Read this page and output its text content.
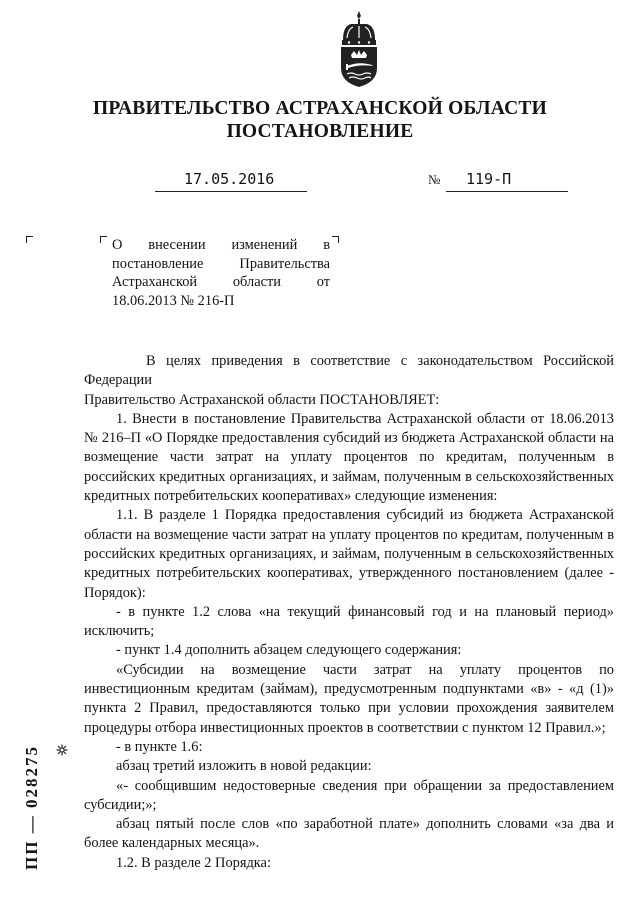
ПРАВИТЕЛЬСТВО АСТРАХАНСКОЙ ОБЛАСТИ
ПОСТАНОВЛЕНИЕ
17.05.2016	№ 119-П
О внесении изменений в постановление Правительства Астраханской области от 18.06.2013 № 216-П

В целях приведения в соответствие с законодательством Российской Федерации

Правительство Астраханской области ПОСТАНОВЛЯЕТ:

1. Внести в постановление Правительства Астраханской области от 18.06.2013 № 216–П «О Порядке предоставления субсидий из бюджета Астраханской области на возмещение части затрат на уплату процентов по кредитам, полученным в российских кредитных организациях, и займам, полученным в сельскохозяйственных кредитных потребительских кооперативах» следующие изменения:

1.1. В разделе 1 Порядка предоставления субсидий из бюджета Астраханской области на возмещение части затрат на уплату процентов по кредитам, полученным в российских кредитных организациях, и займам, полученным в сельскохозяйственных кредитных потребительских кооперативах, утвержденного постановлением (далее - Порядок):

- в пункте 1.2 слова «на текущий финансовый год и на плановый период» исключить;

- пункт 1.4 дополнить абзацем следующего содержания:

«Субсидии на возмещение части затрат на уплату процентов по инвестиционным кредитам (займам), предусмотренным подпунктами «в» - «д (1)» пункта 2 Правил, предоставляются только при условии прохождения заявителем процедуры отбора инвестиционных проектов в соответствии с пунктом 12 Правил.»;

- в пункте 1.6:

абзац третий изложить в новой редакции:

«- сообщившим недостоверные сведения при обращении за предоставлением субсидии;»;

абзац пятый после слов «по заработной плате» дополнить словами «за два и более календарных месяца».

1.2. В разделе 2 Порядка:

ПП — 028275
